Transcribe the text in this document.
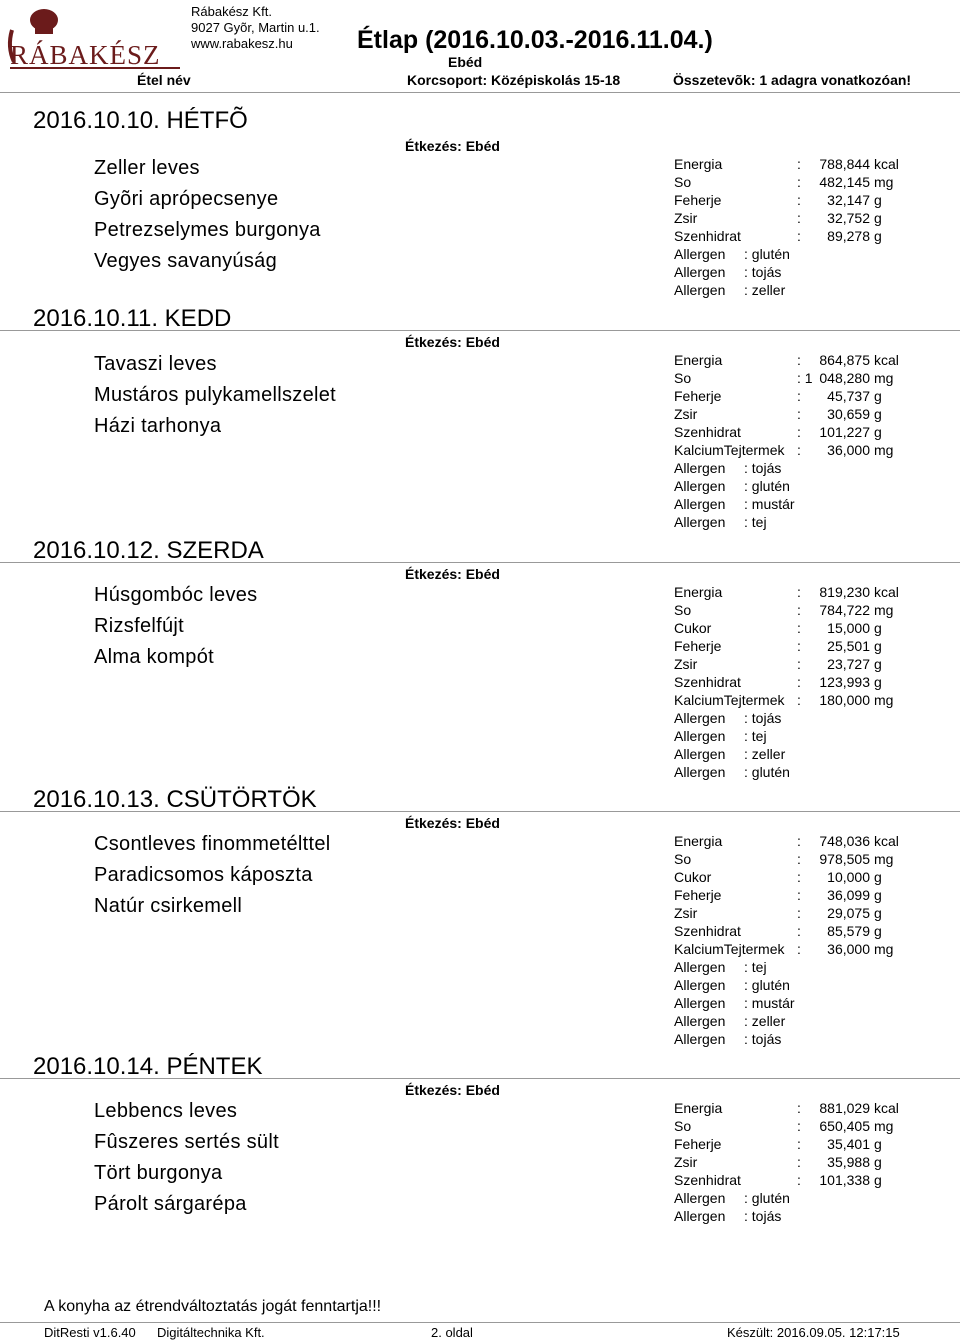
RÁBAKÉSZ
Rábakész Kft.
9027 Gyõr, Martin u.1.
www.rabakesz.hu	Étlap (2016.10.03.-2016.11.04.)
Ebéd
Étel név	Korcsoport: Középiskolás 15-18	Összetevõk: 1 adagra vonatkozóan!
2016.10.10. HÉTFÕ
Étkezés: Ebéd
Zeller leves
Gyõri aprópecsenye
Petrezselymes burgonya
Vegyes savanyúság
Energia	: 788,844 kcal
So	: 482,145 mg
Feherje	: 32,147 g
Zsir	: 32,752 g
Szenhidrat	: 89,278 g
Allergen : glutén
Allergen : tojás
Allergen : zeller
2016.10.11. KEDD
Étkezés: Ebéd
Tavaszi leves
Mustáros pulykamellszelet
Házi tarhonya
Energia	: 864,875 kcal
So	: 1 048,280 mg
Feherje	: 45,737 g
Zsir	: 30,659 g
Szenhidrat	: 101,227 g
KalciumTejtermek : 36,000 mg
Allergen : tojás
Allergen : glutén
Allergen : mustár
Allergen : tej
2016.10.12. SZERDA
Étkezés: Ebéd
Húsgombóc leves
Rizsfelfújt
Alma kompót
Energia	: 819,230 kcal
So	: 784,722 mg
Cukor	: 15,000 g
Feherje	: 25,501 g
Zsir	: 23,727 g
Szenhidrat	: 123,993 g
KalciumTejtermek : 180,000 mg
Allergen : tojás
Allergen : tej
Allergen : zeller
Allergen : glutén
2016.10.13. CSÜTÖRTÖK
Étkezés: Ebéd
Csontleves finommetélttel
Paradicsomos káposzta
Natúr csirkemell
Energia	: 748,036 kcal
So	: 978,505 mg
Cukor	: 10,000 g
Feherje	: 36,099 g
Zsir	: 29,075 g
Szenhidrat	: 85,579 g
KalciumTejtermek : 36,000 mg
Allergen : tej
Allergen : glutén
Allergen : mustár
Allergen : zeller
Allergen : tojás
2016.10.14. PÉNTEK
Étkezés: Ebéd
Lebbencs leves
Fûszeres sertés sült
Tört burgonya
Párolt sárgarépa
Energia	: 881,029 kcal
So	: 650,405 mg
Feherje	: 35,401 g
Zsir	: 35,988 g
Szenhidrat	: 101,338 g
Allergen : glutén
Allergen : tojás
A konyha az étrendváltoztatás jogát fenntartja!!!
DitResti v1.6.40 Digitáltechnika Kft.	2. oldal	Készült: 2016.09.05. 12:17:15
